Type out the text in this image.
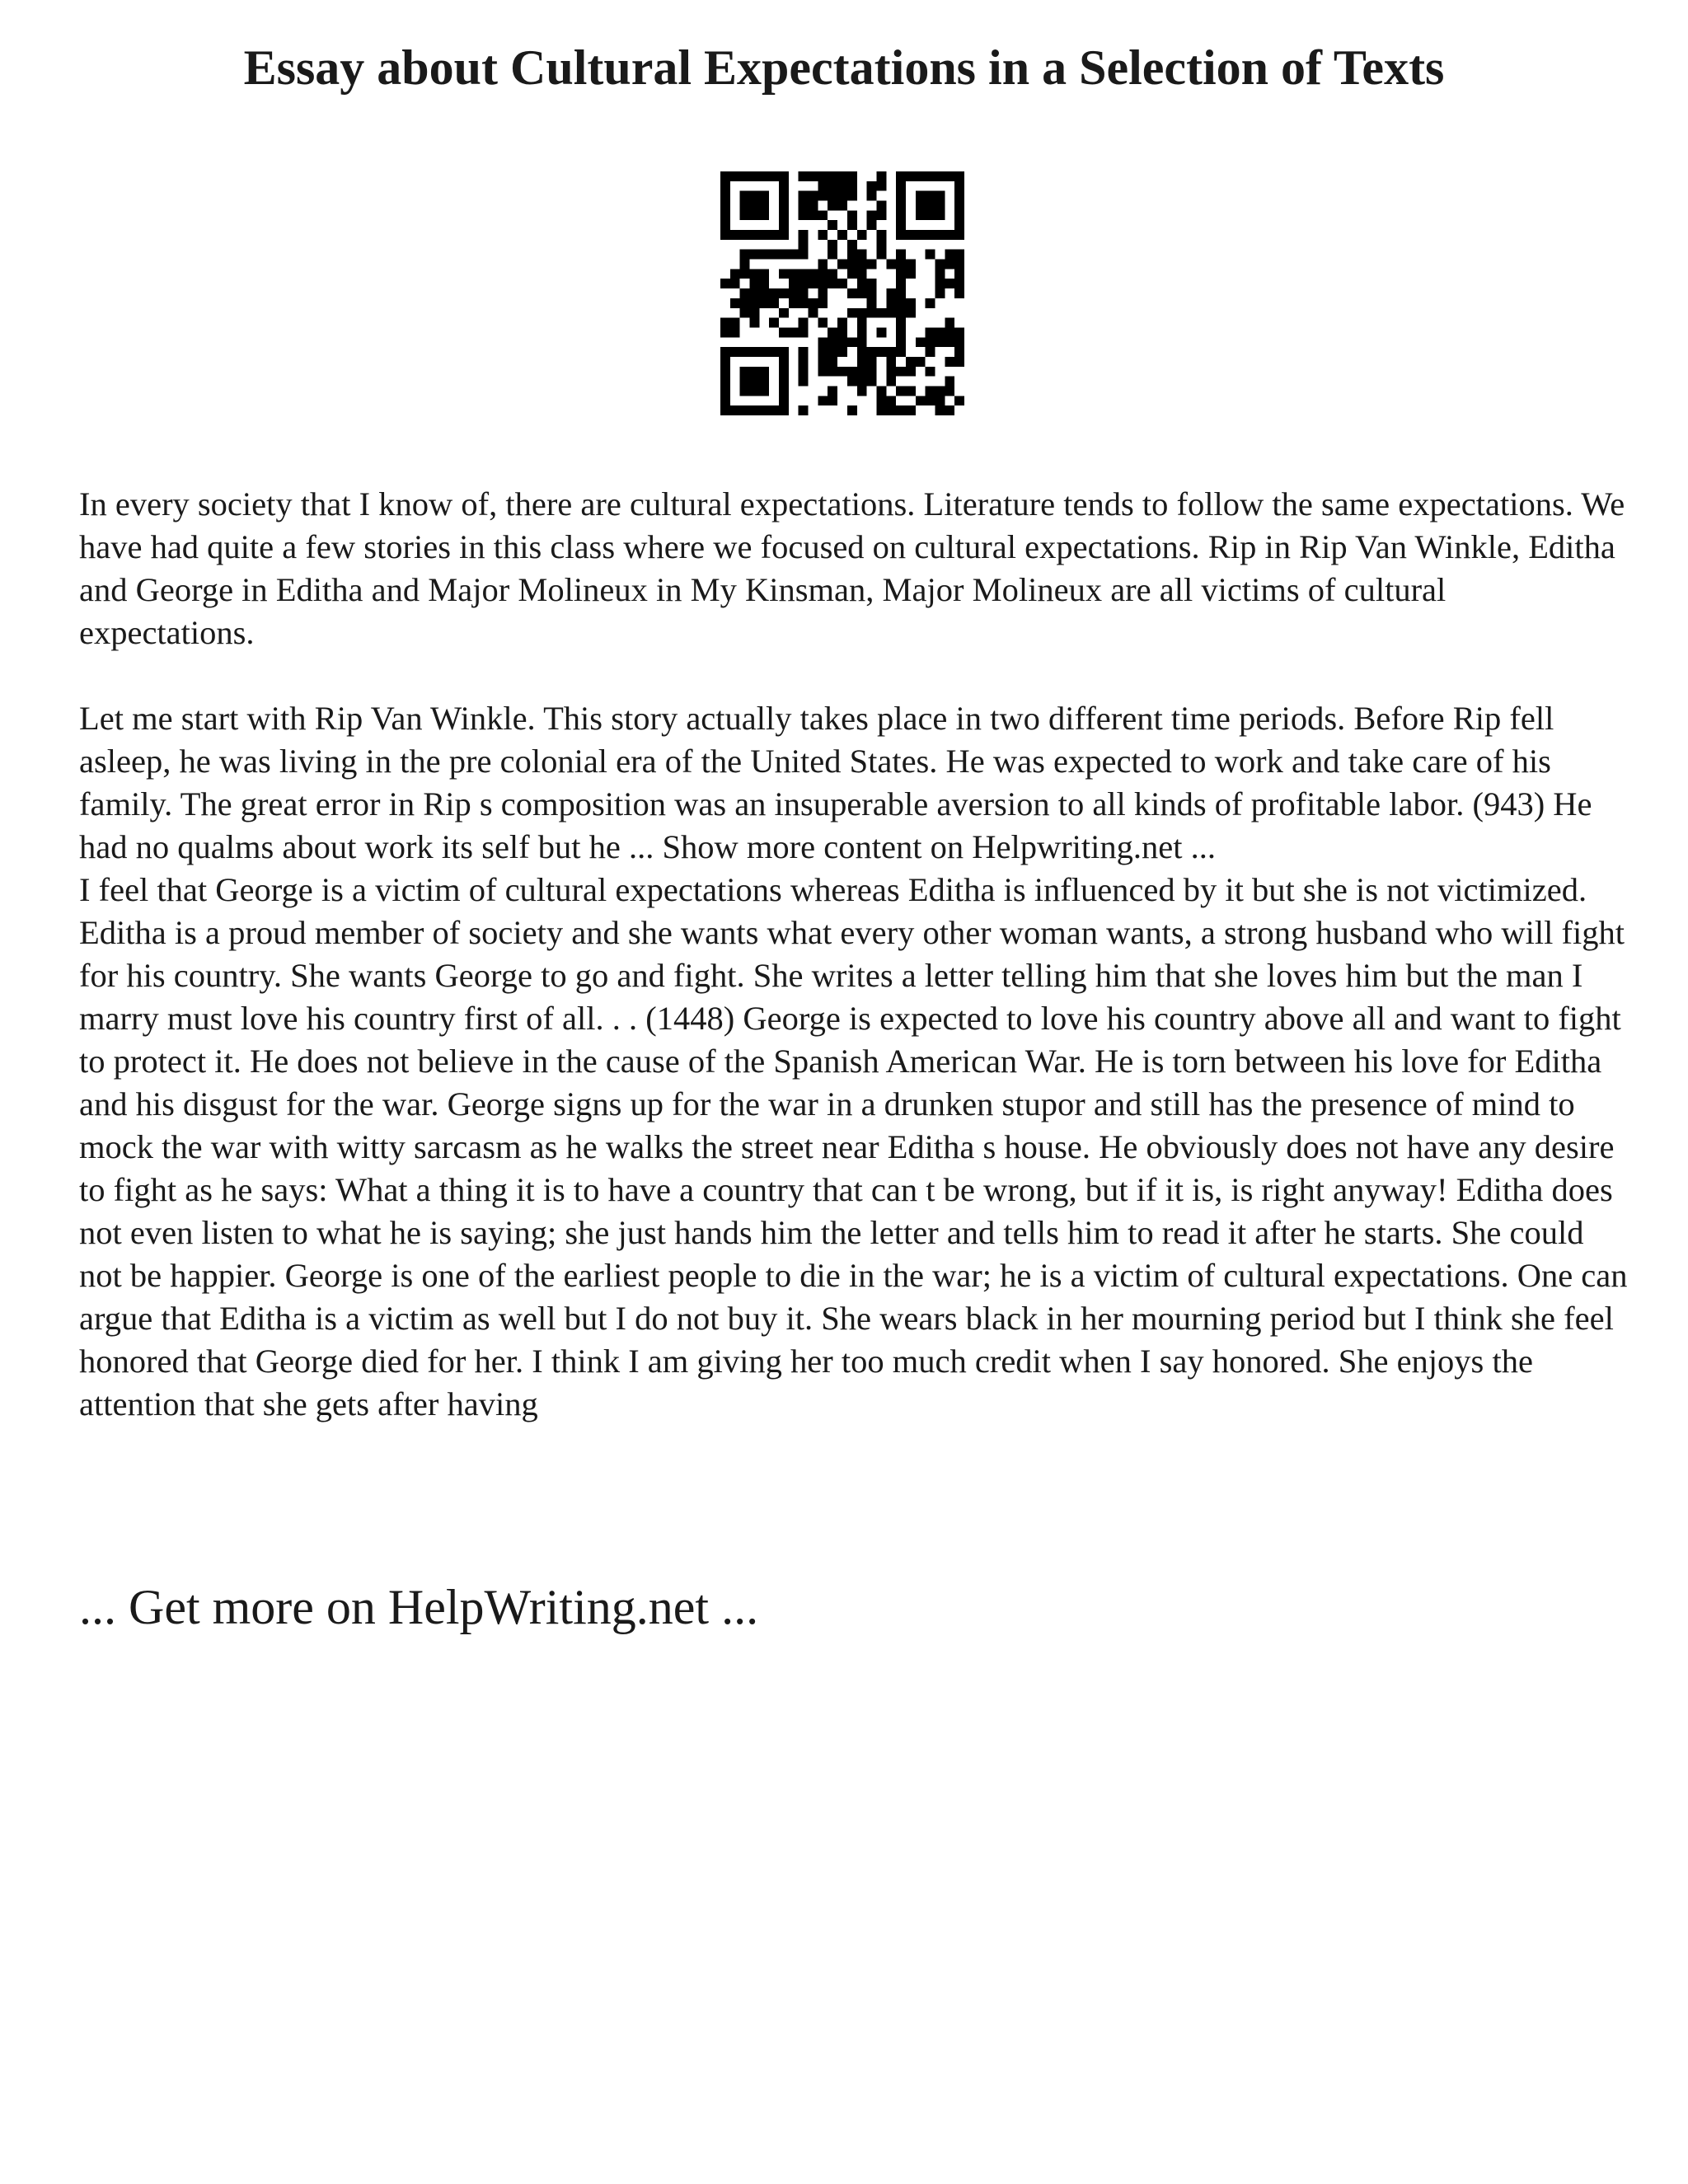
Essay about Cultural Expectations in a Selection of Texts

In every society that I know of, there are cultural expectations. Literature tends to follow the same expectations. We have had quite a few stories in this class where we focused on cultural expectations. Rip in Rip Van Winkle, Editha and George in Editha and Major Molineux in My Kinsman, Major Molineux are all victims of cultural expectations.

Let me start with Rip Van Winkle. This story actually takes place in two different time periods. Before Rip fell asleep, he was living in the pre colonial era of the United States. He was expected to work and take care of his family. The great error in Rip s composition was an insuperable aversion to all kinds of profitable labor. (943) He had no qualms about work its self but he ... Show more content on Helpwriting.net ...

I feel that George is a victim of cultural expectations whereas Editha is influenced by it but she is not victimized. Editha is a proud member of society and she wants what every other woman wants, a strong husband who will fight for his country. She wants George to go and fight. She writes a letter telling him that she loves him but the man I marry must love his country first of all. . . (1448) George is expected to love his country above all and want to fight to protect it. He does not believe in the cause of the Spanish American War. He is torn between his love for Editha and his disgust for the war. George signs up for the war in a drunken stupor and still has the presence of mind to mock the war with witty sarcasm as he walks the street near Editha s house. He obviously does not have any desire to fight as he says: What a thing it is to have a country that can t be wrong, but if it is, is right anyway! Editha does not even listen to what he is saying; she just hands him the letter and tells him to read it after he starts. She could not be happier. George is one of the earliest people to die in the war; he is a victim of cultural expectations. One can argue that Editha is a victim as well but I do not buy it. She wears black in her mourning period but I think she feel honored that George died for her. I think I am giving her too much credit when I say honored. She enjoys the attention that she gets after having

... Get more on HelpWriting.net ...
